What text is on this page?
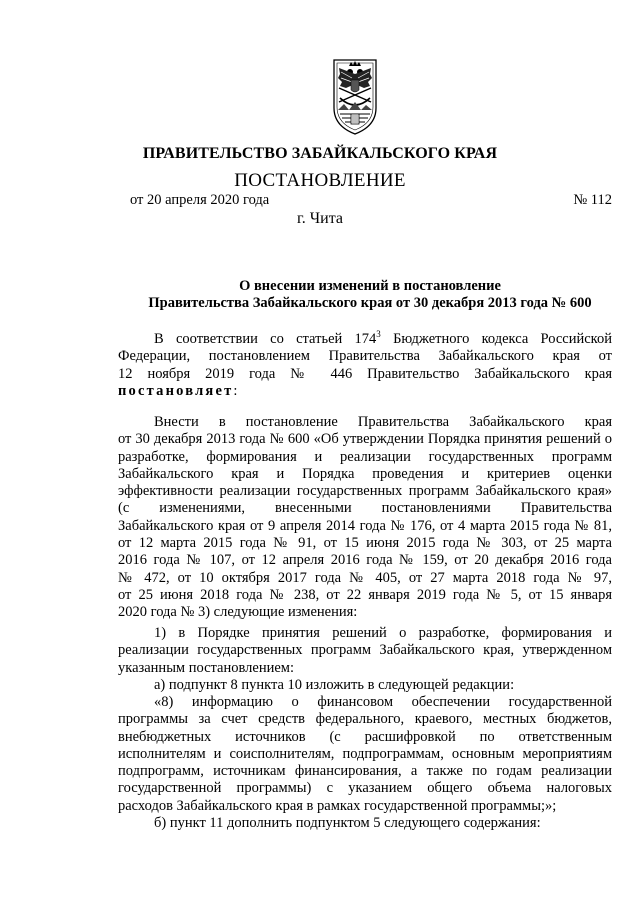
ПРАВИТЕЛЬСТВО ЗАБАЙКАЛЬСКОГО КРАЯ
ПОСТАНОВЛЕНИЕ
от 20 апреля 2020 года	№ 112
г. Чита
О внесении изменений в постановление
Правительства Забайкальского края от 30 декабря 2013 года № 600
В соответствии со статьей $174^3$ Бюджетного кодекса Российской
Федерации, постановлением Правительства Забайкальского края от
12 ноября 2019 года № 446 Правительство Забайкальского края
постановляет:
Внести в постановление Правительства Забайкальского края
от 30 декабря 2013 года № 600 «Об утверждении Порядка принятия решений о
разработке, формирования и реализации государственных программ
Забайкальского края и Порядка проведения и критериев оценки
эффективности реализации государственных программ Забайкальского края»
(с изменениями, внесенными постановлениями Правительства
Забайкальского края от 9 апреля 2014 года № 176, от 4 марта 2015 года № 81,
от 12 марта 2015 года № 91, от 15 июня 2015 года № 303, от 25 марта
2016 года № 107, от 12 апреля 2016 года № 159, от 20 декабря 2016 года
№ 472, от 10 октября 2017 года № 405, от 27 марта 2018 года № 97,
от 25 июня 2018 года № 238, от 22 января 2019 года № 5, от 15 января
2020 года № 3) следующие изменения:
1) в Порядке принятия решений о разработке, формирования и
реализации государственных программ Забайкальского края, утвержденном
указанным постановлением:
а) подпункт 8 пункта 10 изложить в следующей редакции:
«8) информацию о финансовом обеспечении государственной
программы за счет средств федерального, краевого, местных бюджетов,
внебюджетных источников (с расшифровкой по ответственным
исполнителям и соисполнителям, подпрограммам, основным мероприятиям
подпрограмм, источникам финансирования, а также по годам реализации
государственной программы) с указанием общего объема налоговых
расходов Забайкальского края в рамках государственной программы;»;
б) пункт 11 дополнить подпунктом 5 следующего содержания:
